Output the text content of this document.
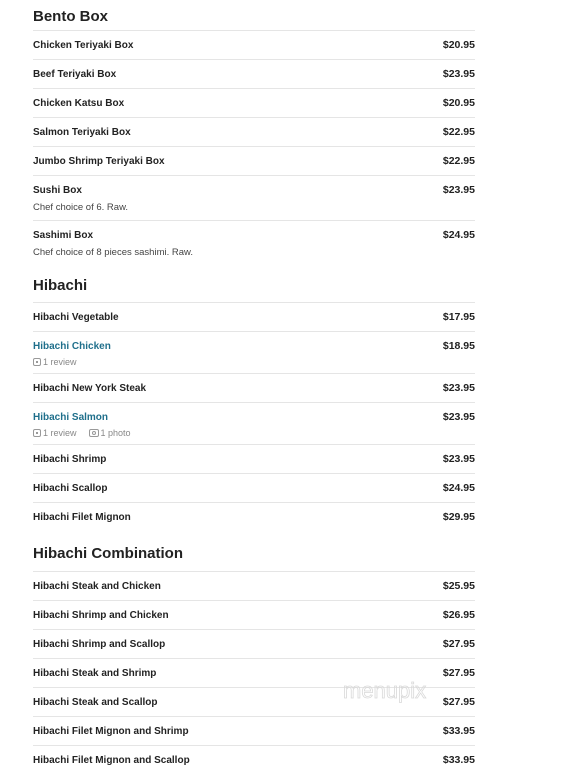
Bento Box
Chicken Teriyaki Box	$20.95
Beef Teriyaki Box	$23.95
Chicken Katsu Box	$20.95
Salmon Teriyaki Box	$22.95
Jumbo Shrimp Teriyaki Box	$22.95
Sushi Box	$23.95
Chef choice of 6. Raw.
Sashimi Box	$24.95
Chef choice of 8 pieces sashimi. Raw.
Hibachi
Hibachi Vegetable	$17.95
Hibachi Chicken	$18.95
1 review
Hibachi New York Steak	$23.95
Hibachi Salmon	$23.95
1 review	1 photo
Hibachi Shrimp	$23.95
Hibachi Scallop	$24.95
Hibachi Filet Mignon	$29.95
Hibachi Combination
Hibachi Steak and Chicken	$25.95
Hibachi Shrimp and Chicken	$26.95
Hibachi Shrimp and Scallop	$27.95
Hibachi Steak and Shrimp	$27.95
Hibachi Steak and Scallop	$27.95
Hibachi Filet Mignon and Shrimp	$33.95
Hibachi Filet Mignon and Scallop	$33.95
menupix
